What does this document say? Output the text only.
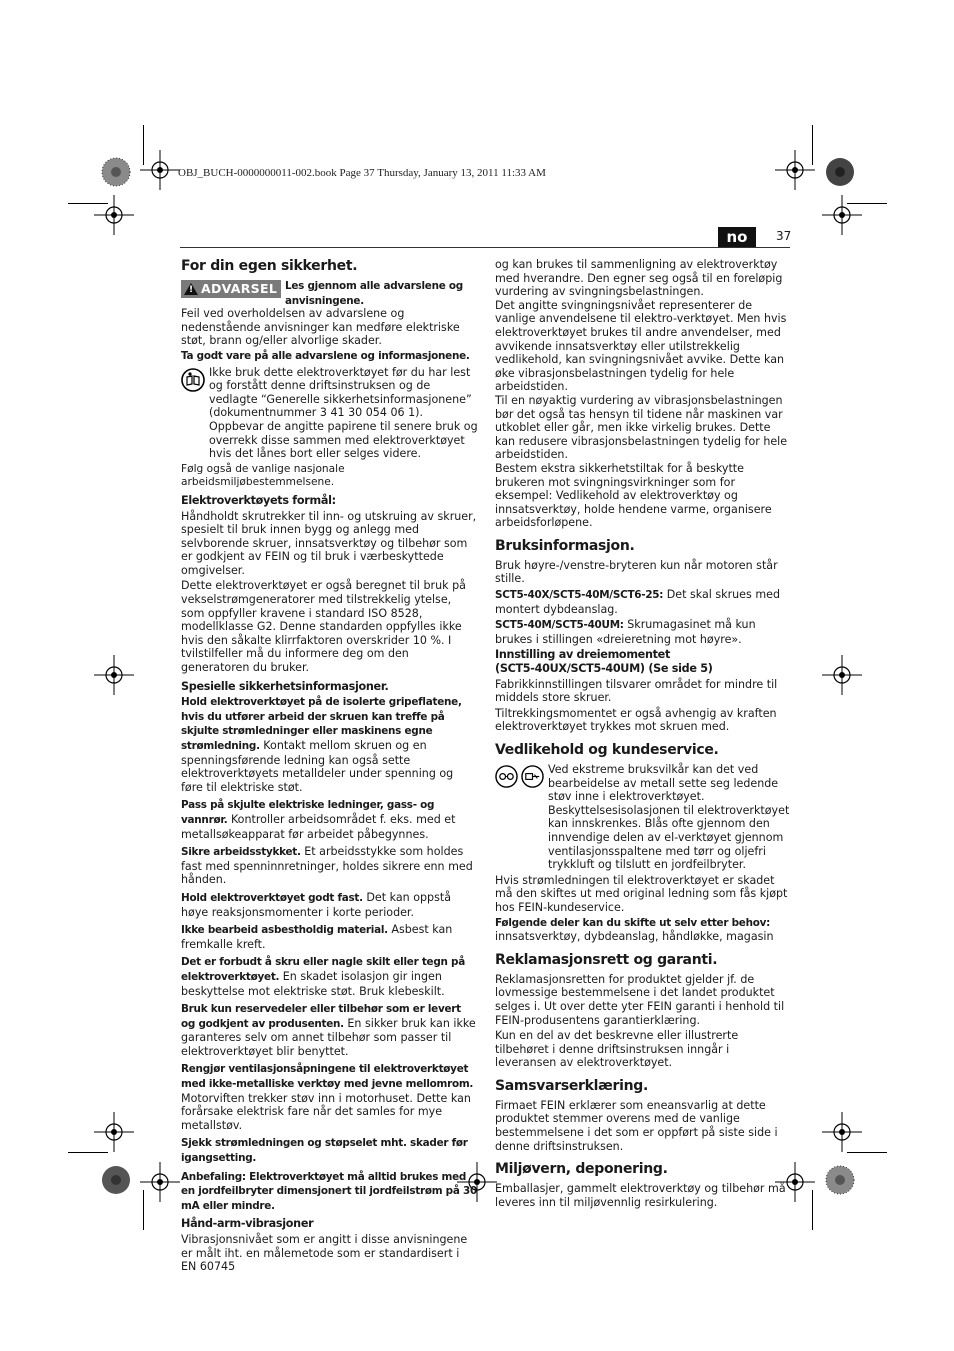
OBJ_BUCH-0000000011-002.book Page 37 Thursday, January 13, 2011 11:33 AM
no	37
For din egen sikkerhet.
! ADVARSEL Les gjennom alle advarslene og anvisningene.

Feil ved overholdelsen av advarslene og nedenstående anvisninger kan medføre elektriske støt, brann og/eller alvorlige skader.

Ta godt vare på alle advarslene og informasjonene.

Ikke bruk dette elektroverktøyet før du har lest og forstått denne driftsinstruksen og de vedlagte “Generelle sikkerhetsinformasjonene” (dokumentnummer 3 41 30 054 06 1). Oppbevar de angitte papirene til senere bruk og overrekk disse sammen med elektroverktøyet hvis det lånes bort eller selges videre.

Følg også de vanlige nasjonale arbeidsmiljøbestemmelsene.

Elektroverktøyets formål:

Håndholdt skrutrekker til inn- og utskruing av skruer, spesielt til bruk innen bygg og anlegg med selvborende skruer, innsatsverktøy og tilbehør som er godkjent av FEIN og til bruk i værbeskyttede omgivelser.

Dette elektroverktøyet er også beregnet til bruk på vekselstrømgeneratorer med tilstrekkelig ytelse, som oppfyller kravene i standard ISO 8528, modellklasse G2. Denne standarden oppfylles ikke hvis den såkalte klirrfaktoren overskrider 10 %. I tvilstilfeller må du informere deg om den generatoren du bruker.

Spesielle sikkerhetsinformasjoner.

Hold elektroverktøyet på de isolerte gripeflatene, hvis du utfører arbeid der skruen kan treffe på skjulte strømledninger eller maskinens egne strømledning. Kontakt mellom skruen og en spenningsførende ledning kan også sette elektroverktøyets metalldeler under spenning og føre til elektriske støt.

Pass på skjulte elektriske ledninger, gass- og vannrør. Kontroller arbeidsområdet f. eks. med et metallsøkeapparat før arbeidet påbegynnes.

Sikre arbeidsstykket. Et arbeidsstykke som holdes fast med spenninnretninger, holdes sikrere enn med hånden.

Hold elektroverktøyet godt fast. Det kan oppstå høye reaksjonsmomenter i korte perioder.

Ikke bearbeid asbestholdig material. Asbest kan fremkalle kreft.

Det er forbudt å skru eller nagle skilt eller tegn på elektroverktøyet. En skadet isolasjon gir ingen beskyttelse mot elektriske støt. Bruk klebeskilt.

Bruk kun reservedeler eller tilbehør som er levert og godkjent av produsenten. En sikker bruk kan ikke garanteres selv om annet tilbehør som passer til elektroverktøyet blir benyttet.

Rengjør ventilasjonsåpningene til elektroverktøyet med ikke-metalliske verktøy med jevne mellomrom. Motorviften trekker støv inn i motorhuset. Dette kan forårsake elektrisk fare når det samles for mye metallstøv.

Sjekk strømledningen og støpselet mht. skader før igangsetting.

Anbefaling: Elektroverktøyet må alltid brukes med en jordfeilbryter dimensjonert til jordfeilstrøm på 30 mA eller mindre.

Hånd-arm-vibrasjoner

Vibrasjonsnivået som er angitt i disse anvisningene er målt iht. en målemetode som er standardisert i EN 60745

og kan brukes til sammenligning av elektroverktøy med hverandre. Den egner seg også til en foreløpig vurdering av svingningsbelastningen.

Det angitte svingningsnivået representerer de vanlige anvendelsene til elektro-verktøyet. Men hvis elektroverktøyet brukes til andre anvendelser, med avvikende innsatsverktøy eller utilstrekkelig vedlikehold, kan svingningsnivået avvike. Dette kan øke vibrasjonsbelastningen tydelig for hele arbeidstiden.

Til en nøyaktig vurdering av vibrasjonsbelastningen bør det også tas hensyn til tidene når maskinen var utkoblet eller går, men ikke virkelig brukes. Dette kan redusere vibrasjonsbelastningen tydelig for hele arbeidstiden.

Bestem ekstra sikkerhetstiltak for å beskytte brukeren mot svingningsvirkninger som for eksempel: Vedlikehold av elektroverktøy og innsatsverktøy, holde hendene varme, organisere arbeidsforløpene.

Bruksinformasjon.

Bruk høyre-/venstre-bryteren kun når motoren står stille.

SCT5-40X/SCT5-40M/SCT6-25: Det skal skrues med montert dybdeanslag.

SCT5-40M/SCT5-40UM: Skrumagasinet må kun brukes i stillingen «dreieretning mot høyre».

Innstilling av dreiemomentet
(SCT5-40UX/SCT5-40UM) (Se side 5)

Fabrikkinnstillingen tilsvarer området for mindre til middels store skruer.

Tiltrekkingsmomentet er også avhengig av kraften elektroverktøyet trykkes mot skruen med.

Vedlikehold og kundeservice.

Ved ekstreme bruksvilkår kan det ved bearbeidelse av metall sette seg ledende støv inne i elektroverktøyet. Beskyttelsesisolasjonen til elektroverktøyet kan innskrenkes. Blås ofte gjennom den innvendige delen av el-verktøyet gjennom ventilasjonsspaltene med tørr og oljefri trykkluft og tilslutt en jordfeilbryter.

Hvis strømledningen til elektroverktøyet er skadet må den skiftes ut med original ledning som fås kjøpt hos FEIN-kundeservice.

Følgende deler kan du skifte ut selv etter behov:

innsatsverktøy, dybdeanslag, håndløkke, magasin

Reklamasjonsrett og garanti.

Reklamasjonsretten for produktet gjelder jf. de lovmessige bestemmelsene i det landet produktet selges i. Ut over dette yter FEIN garanti i henhold til FEIN-produsentens garantierklæring.

Kun en del av det beskrevne eller illustrerte tilbehøret i denne driftsinstruksen inngår i leveransen av elektroverktøyet.

Samsvarserklæring.

Firmaet FEIN erklærer som eneansvarlig at dette produktet stemmer overens med de vanlige bestemmelsene i det som er oppført på siste side i denne driftsinstruksen.

Miljøvern, deponering.

Emballasjer, gammelt elektroverktøy og tilbehør må leveres inn til miljøvennlig resirkulering.
